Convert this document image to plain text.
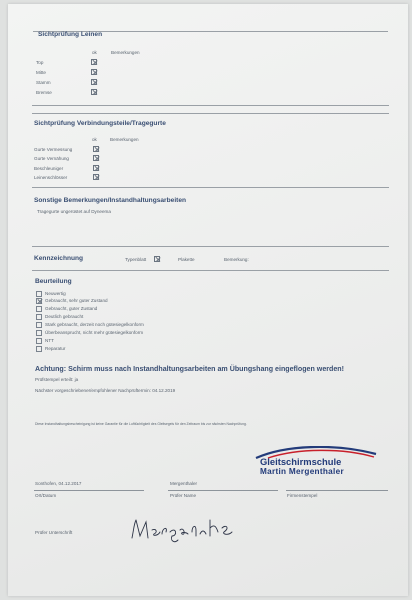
Sichtprüfung Leinen
ok	Bemerkungen
Top
Mitte
Stamm
Bremse
Sichtprüfung Verbindungsteile/Tragegurte
ok	Bemerkungen
Gurte Vermessung
Gurte Vernähung
Beschleuniger
Leinenschlösser
Sonstige Bemerkungen/Instandhaltungsarbeiten
Tragegurte ungerüstet auf Dyneema
Kennzeichnung	Typenblatt	Plakette	Bemerkung:
Beurteilung
Neuwertig
Gebraucht, sehr guter Zustand
Gebraucht, guter Zustand
Deutlich gebraucht
Stark gebraucht, derzeit noch gütesiegelkonform
Überbeansprucht, nicht mehr gütesiegelkonform
NTT
Reparatur
Achtung: Schirm muss nach Instandhaltungsarbeiten am Übungshang eingeflogen werden!
Prüfstempel erteilt: ja
Nächster vorgeschriebener/empfohlener Nachprüftermin: 04.12.2019
Diese Instandhaltungsbescheinigung ist keine Garantie für die Lufttüchtigkeit des Gleitsegels für den Zeitraum bis zur nächsten Nachprüfung.
Gleitschirmschule
Martin Mergenthaler
Sonthofen, 04.12.2017	Mergenthaler
Ort/Datum	Prüfer Name	Firmenstempel
Prüfer Unterschrift
